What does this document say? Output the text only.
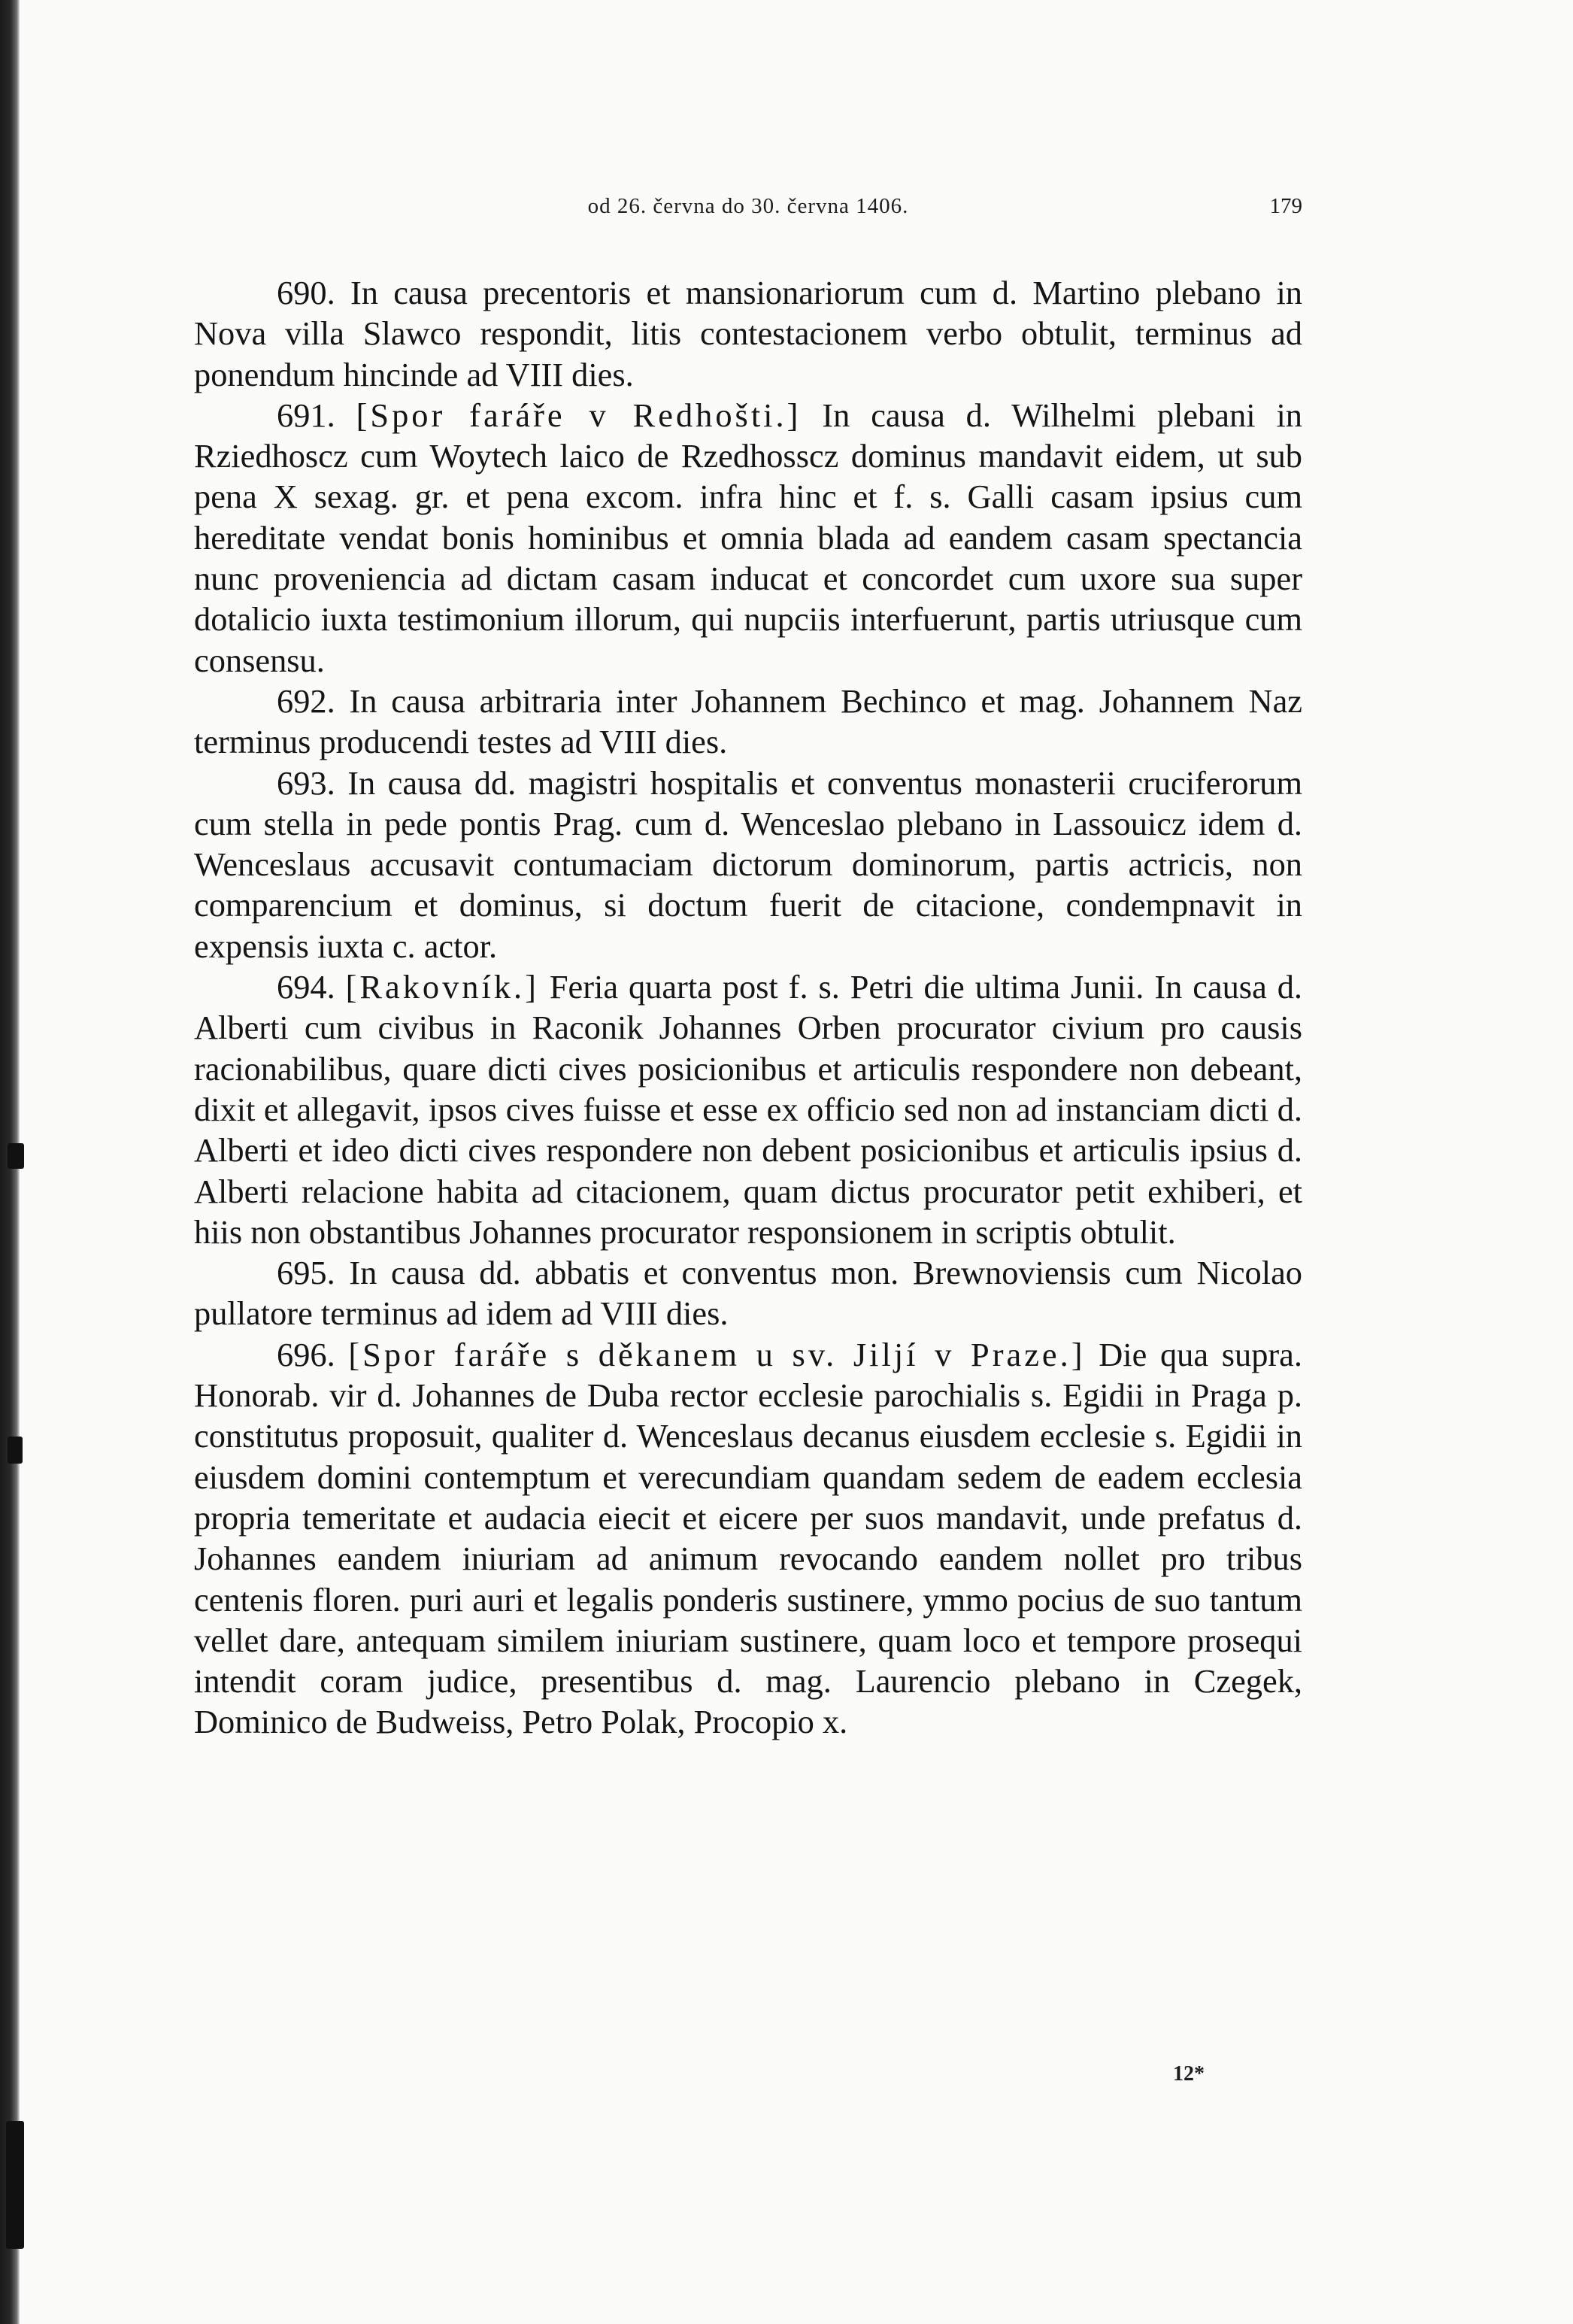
od 26. června do 30. června 1406.	179

690. In causa precentoris et mansionariorum cum d. Martino plebano in Nova villa Slawco respondit, litis contestacionem verbo obtulit, terminus ad ponendum hincinde ad VIII dies.

691. [Spor faráře v Redhošti.] In causa d. Wilhelmi plebani in Rziedhoscz cum Woytech laico de Rzedhosscz dominus mandavit eidem, ut sub pena X sexag. gr. et pena excom. infra hinc et f. s. Galli casam ipsius cum hereditate vendat bonis hominibus et omnia blada ad eandem casam spectancia nunc proveniencia ad dictam casam inducat et concordet cum uxore sua super dotalicio iuxta testimonium illorum, qui nupciis interfuerunt, partis utriusque cum consensu.

692. In causa arbitraria inter Johannem Bechinco et mag. Johannem Naz terminus producendi testes ad VIII dies.

693. In causa dd. magistri hospitalis et conventus monasterii cruciferorum cum stella in pede pontis Prag. cum d. Wenceslao plebano in Lassouicz idem d. Wenceslaus accusavit contumaciam dictorum dominorum, partis actricis, non comparencium et dominus, si doctum fuerit de citacione, condempnavit in expensis iuxta c. actor.

694. [Rakovník.] Feria quarta post f. s. Petri die ultima Junii. In causa d. Alberti cum civibus in Raconik Johannes Orben procurator civium pro causis racionabilibus, quare dicti cives posicionibus et articulis respondere non debeant, dixit et allegavit, ipsos cives fuisse et esse ex officio sed non ad instanciam dicti d. Alberti et ideo dicti cives respondere non debent posicionibus et articulis ipsius d. Alberti relacione habita ad citacionem, quam dictus procurator petit exhiberi, et hiis non obstantibus Johannes procurator responsionem in scriptis obtulit.

695. In causa dd. abbatis et conventus mon. Brewnoviensis cum Nicolao pullatore terminus ad idem ad VIII dies.

696. [Spor faráře s děkanem u sv. Jiljí v Praze.] Die qua supra. Honorab. vir d. Johannes de Duba rector ecclesie parochialis s. Egidii in Praga p. constitutus proposuit, qualiter d. Wenceslaus decanus eiusdem ecclesie s. Egidii in eiusdem domini contemptum et verecundiam quandam sedem de eadem ecclesia propria temeritate et audacia eiecit et eicere per suos mandavit, unde prefatus d. Johannes eandem iniuriam ad animum revocando eandem nollet pro tribus centenis floren. puri auri et legalis ponderis sustinere, ymmo pocius de suo tantum vellet dare, antequam similem iniuriam sustinere, quam loco et tempore prosequi intendit coram judice, presentibus d. mag. Laurencio plebano in Czegek, Dominico de Budweiss, Petro Polak, Procopio x.

12*
